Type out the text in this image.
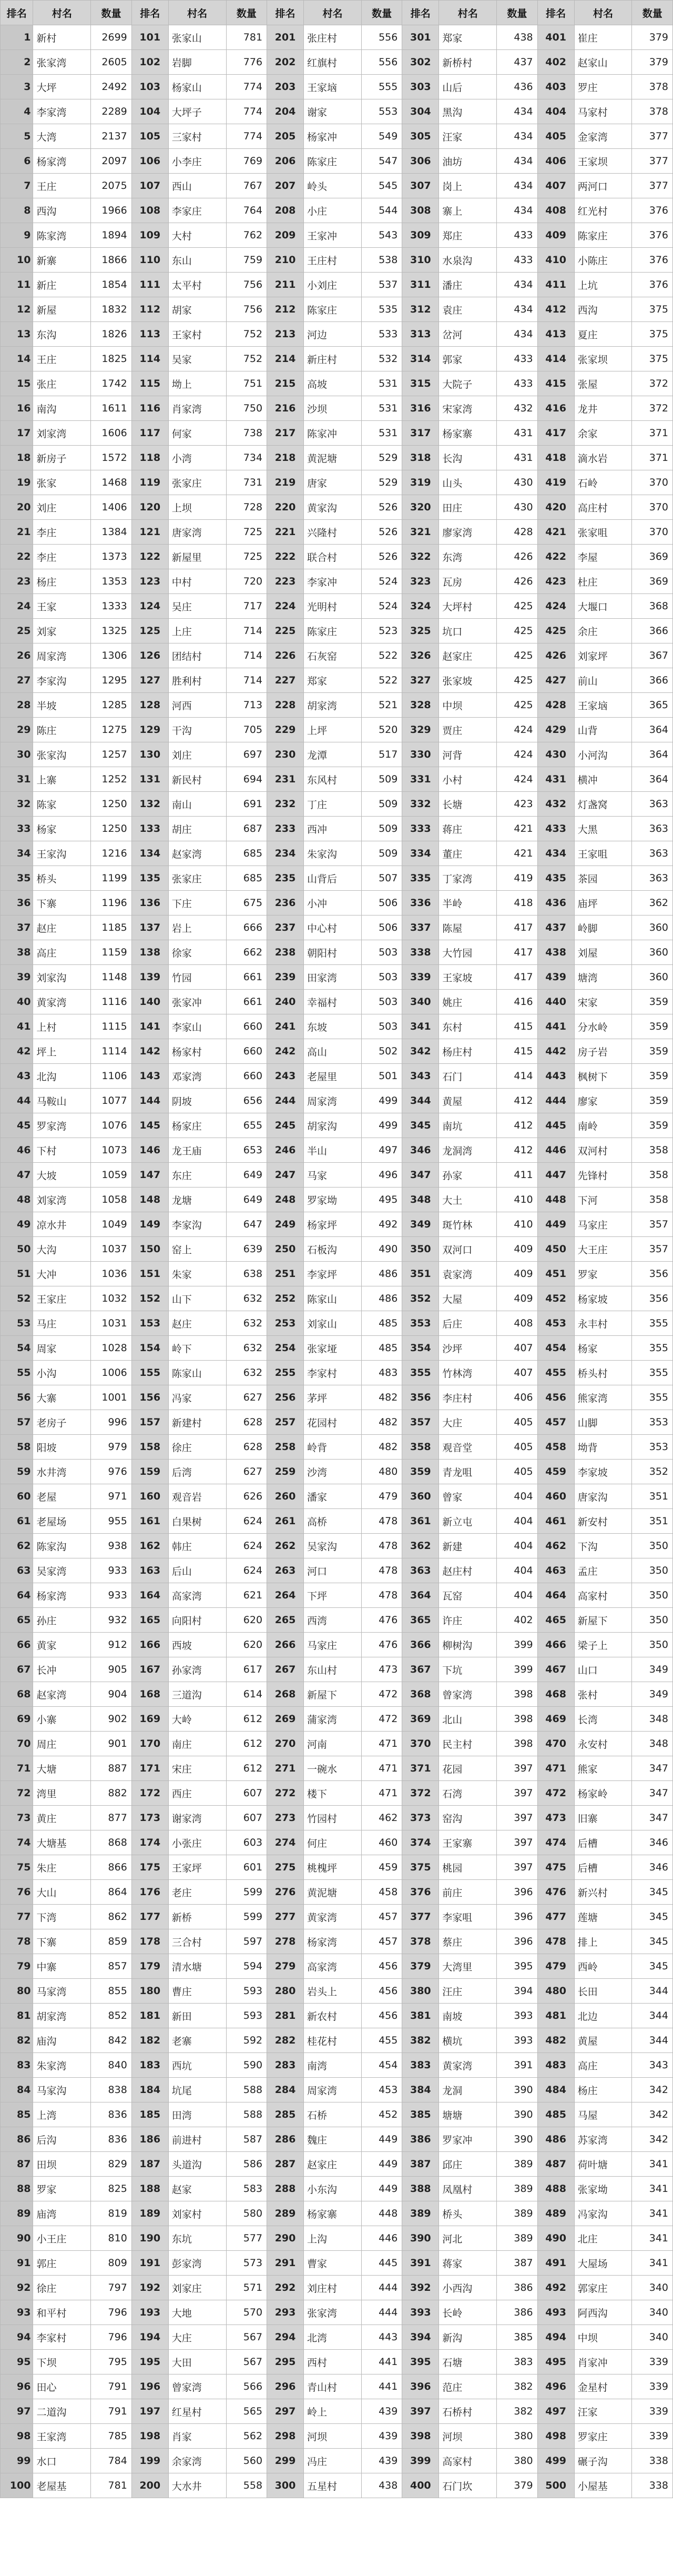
排名	村名	数量	排名	村名	数量	排名	村名	数量	排名	村名	数量	排名	村名	数量
1	新村	2699	101	张家山	781	201	张庄村	556	301	郑家	438	401	崔庄	379
2	张家湾	2605	102	岩脚	776	202	红旗村	556	302	新桥村	437	402	赵家山	379
3	大坪	2492	103	杨家山	774	203	王家垴	555	303	山后	436	403	罗庄	378
4	李家湾	2289	104	大坪子	774	204	谢家	553	304	黑沟	434	404	马家村	378
5	大湾	2137	105	三家村	774	205	杨家冲	549	305	汪家	434	405	金家湾	377
6	杨家湾	2097	106	小李庄	769	206	陈家庄	547	306	油坊	434	406	王家坝	377
7	王庄	2075	107	西山	767	207	岭头	545	307	岗上	434	407	两河口	377
8	西沟	1966	108	李家庄	764	208	小庄	544	308	寨上	434	408	红光村	376
9	陈家湾	1894	109	大村	762	209	王家冲	543	309	郑庄	433	409	陈家庄	376
10	新寨	1866	110	东山	759	210	王庄村	538	310	水泉沟	433	410	小陈庄	376
11	新庄	1854	111	太平村	756	211	小刘庄	537	311	潘庄	434	411	上坑	376
12	新屋	1832	112	胡家	756	212	陈家庄	535	312	袁庄	434	412	西沟	375
13	东沟	1826	113	王家村	752	213	河边	533	313	岔河	434	413	夏庄	375
14	王庄	1825	114	吴家	752	214	新庄村	532	314	郭家	433	414	张家坝	375
15	张庄	1742	115	坳上	751	215	高坡	531	315	大院子	433	415	张屋	372
16	南沟	1611	116	肖家湾	750	216	沙坝	531	316	宋家湾	432	416	龙井	372
17	刘家湾	1606	117	何家	738	217	陈家冲	531	317	杨家寨	431	417	余家	371
18	新房子	1572	118	小湾	734	218	黄泥塘	529	318	长沟	431	418	滴水岩	371
19	张家	1468	119	张家庄	731	219	唐家	529	319	山头	430	419	石岭	370
20	刘庄	1406	120	上坝	728	220	黄家沟	526	320	田庄	430	420	高庄村	370
21	李庄	1384	121	唐家湾	725	221	兴隆村	526	321	廖家湾	428	421	张家咀	370
22	李庄	1373	122	新屋里	725	222	联合村	526	322	东湾	426	422	李屋	369
23	杨庄	1353	123	中村	720	223	李家冲	524	323	瓦房	426	423	杜庄	369
24	王家	1333	124	吴庄	717	224	光明村	524	324	大坪村	425	424	大堰口	368
25	刘家	1325	125	上庄	714	225	陈家庄	523	325	坑口	425	425	余庄	366
26	周家湾	1306	126	团结村	714	226	石灰窑	522	326	赵家庄	425	426	刘家坪	367
27	李家沟	1295	127	胜利村	714	227	郑家	522	327	张家坡	425	427	前山	366
28	半坡	1285	128	河西	713	228	胡家湾	521	328	中坝	425	428	王家垴	365
29	陈庄	1275	129	干沟	705	229	上坪	520	329	贾庄	424	429	山背	364
30	张家沟	1257	130	刘庄	697	230	龙潭	517	330	河背	424	430	小河沟	364
31	上寨	1252	131	新民村	694	231	东风村	509	331	小村	424	431	横冲	364
32	陈家	1250	132	南山	691	232	丁庄	509	332	长塘	423	432	灯盏窝	363
33	杨家	1250	133	胡庄	687	233	西冲	509	333	蒋庄	421	433	大黑	363
34	王家沟	1216	134	赵家湾	685	234	朱家沟	509	334	董庄	421	434	王家咀	363
35	桥头	1199	135	张家庄	685	235	山背后	507	335	丁家湾	419	435	茶园	363
36	下寨	1196	136	下庄	675	236	小冲	506	336	半岭	418	436	庙坪	362
37	赵庄	1185	137	岩上	666	237	中心村	506	337	陈屋	417	437	岭脚	360
38	高庄	1159	138	徐家	662	238	朝阳村	503	338	大竹园	417	438	刘屋	360
39	刘家沟	1148	139	竹园	661	239	田家湾	503	339	王家坡	417	439	塘湾	360
40	黄家湾	1116	140	张家冲	661	240	幸福村	503	340	姚庄	416	440	宋家	359
41	上村	1115	141	李家山	660	241	东坡	503	341	东村	415	441	分水岭	359
42	坪上	1114	142	杨家村	660	242	高山	502	342	杨庄村	415	442	房子岩	359
43	北沟	1106	143	邓家湾	660	243	老屋里	501	343	石门	414	443	枫树下	359
44	马鞍山	1077	144	阴坡	656	244	周家湾	499	344	黄屋	412	444	廖家	359
45	罗家湾	1076	145	杨家庄	655	245	胡家沟	499	345	南坑	412	445	南岭	359
46	下村	1073	146	龙王庙	653	246	半山	497	346	龙洞湾	412	446	双河村	358
47	大坡	1059	147	东庄	649	247	马家	496	347	孙家	411	447	先锋村	358
48	刘家湾	1058	148	龙塘	649	248	罗家坳	495	348	大土	410	448	下河	358
49	凉水井	1049	149	李家沟	647	249	杨家坪	492	349	斑竹林	410	449	马家庄	357
50	大沟	1037	150	窑上	639	250	石板沟	490	350	双河口	409	450	大王庄	357
51	大冲	1036	151	朱家	638	251	李家坪	486	351	袁家湾	409	451	罗家	356
52	王家庄	1032	152	山下	632	252	陈家山	486	352	大屋	409	452	杨家坡	356
53	马庄	1031	153	赵庄	632	253	刘家山	485	353	后庄	408	453	永丰村	355
54	周家	1028	154	岭下	632	254	张家垭	485	354	沙坪	407	454	杨家	355
55	小沟	1006	155	陈家山	632	255	李家村	483	355	竹林湾	407	455	桥头村	355
56	大寨	1001	156	冯家	627	256	茅坪	482	356	李庄村	406	456	熊家湾	355
57	老房子	996	157	新建村	628	257	花园村	482	357	大庄	405	457	山脚	353
58	阳坡	979	158	徐庄	628	258	岭背	482	358	观音堂	405	458	坳背	353
59	水井湾	976	159	后湾	627	259	沙湾	480	359	青龙咀	405	459	李家坡	352
60	老屋	971	160	观音岩	626	260	潘家	479	360	曾家	404	460	唐家沟	351
61	老屋场	955	161	白果树	624	261	高桥	478	361	新立屯	404	461	新安村	351
62	陈家沟	938	162	韩庄	624	262	吴家沟	478	362	新建	404	462	下沟	350
63	吴家湾	933	163	后山	624	263	河口	478	363	赵庄村	404	463	孟庄	350
64	杨家湾	933	164	高家湾	621	264	下坪	478	364	瓦窑	404	464	高家村	350
65	孙庄	932	165	向阳村	620	265	西湾	476	365	许庄	402	465	新屋下	350
66	黄家	912	166	西坡	620	266	马家庄	476	366	柳树沟	399	466	梁子上	350
67	长冲	905	167	孙家湾	617	267	东山村	473	367	下坑	399	467	山口	349
68	赵家湾	904	168	三道沟	614	268	新屋下	472	368	曾家湾	398	468	张村	349
69	小寨	902	169	大岭	612	269	蒲家湾	472	369	北山	398	469	长湾	348
70	周庄	901	170	南庄	612	270	河南	471	370	民主村	398	470	永安村	348
71	大塘	887	171	宋庄	612	271	一碗水	471	371	花园	397	471	熊家	347
72	湾里	882	172	西庄	607	272	楼下	471	372	石湾	397	472	杨家岭	347
73	黄庄	877	173	谢家湾	607	273	竹园村	462	373	窑沟	397	473	旧寨	347
74	大塘基	868	174	小张庄	603	274	何庄	460	374	王家寨	397	474	后槽	346
75	朱庄	866	175	王家坪	601	275	桃槐坪	459	375	桃园	397	475	后槽	346
76	大山	864	176	老庄	599	276	黄泥塘	458	376	前庄	396	476	新兴村	345
77	下湾	862	177	新桥	599	277	黄家湾	457	377	李家咀	396	477	莲塘	345
78	下寨	859	178	三合村	597	278	杨家湾	457	378	蔡庄	396	478	排上	345
79	中寨	857	179	清水塘	594	279	高家湾	456	379	大湾里	395	479	西岭	345
80	马家湾	855	180	曹庄	593	280	岩头上	456	380	汪庄	394	480	长田	344
81	胡家湾	852	181	新田	593	281	新农村	456	381	南坡	393	481	北边	344
82	庙沟	842	182	老寨	592	282	桂花村	455	382	横坑	393	482	黄屋	344
83	朱家湾	840	183	西坑	590	283	南湾	454	383	黄家湾	391	483	高庄	343
84	马家沟	838	184	坑尾	588	284	周家湾	453	384	龙洞	390	484	杨庄	342
85	上湾	836	185	田湾	588	285	石桥	452	385	塘塘	390	485	马屋	342
86	后沟	836	186	前进村	587	286	魏庄	449	386	罗家冲	390	486	苏家湾	342
87	田坝	829	187	头道沟	586	287	赵家庄	449	387	邱庄	389	487	荷叶塘	341
88	罗家	825	188	赵家	583	288	小东沟	449	388	凤凰村	389	488	张家坳	341
89	庙湾	819	189	刘家村	580	289	杨家寨	448	389	桥头	389	489	冯家沟	341
90	小王庄	810	190	东坑	577	290	上沟	446	390	河北	389	490	北庄	341
91	郭庄	809	191	彭家湾	573	291	曹家	445	391	蒋家	387	491	大屋场	341
92	徐庄	797	192	刘家庄	571	292	刘庄村	444	392	小西沟	386	492	郭家庄	340
93	和平村	796	193	大地	570	293	张家湾	444	393	长岭	386	493	阿西沟	340
94	李家村	796	194	大庄	567	294	北湾	443	394	新沟	385	494	中坝	340
95	下坝	795	195	大田	567	295	西村	441	395	石塘	383	495	肖家冲	339
96	田心	791	196	曾家湾	566	296	青山村	441	396	范庄	382	496	金星村	339
97	二道沟	791	197	红星村	565	297	岭上	439	397	石桥村	382	497	汪家	339
98	王家湾	785	198	肖家	562	298	河坝	439	398	河坝	380	498	罗家庄	339
99	水口	784	199	余家湾	560	299	冯庄	439	399	高家村	380	499	碾子沟	338
100	老屋基	781	200	大水井	558	300	五星村	438	400	石门坎	379	500	小屋基	338
